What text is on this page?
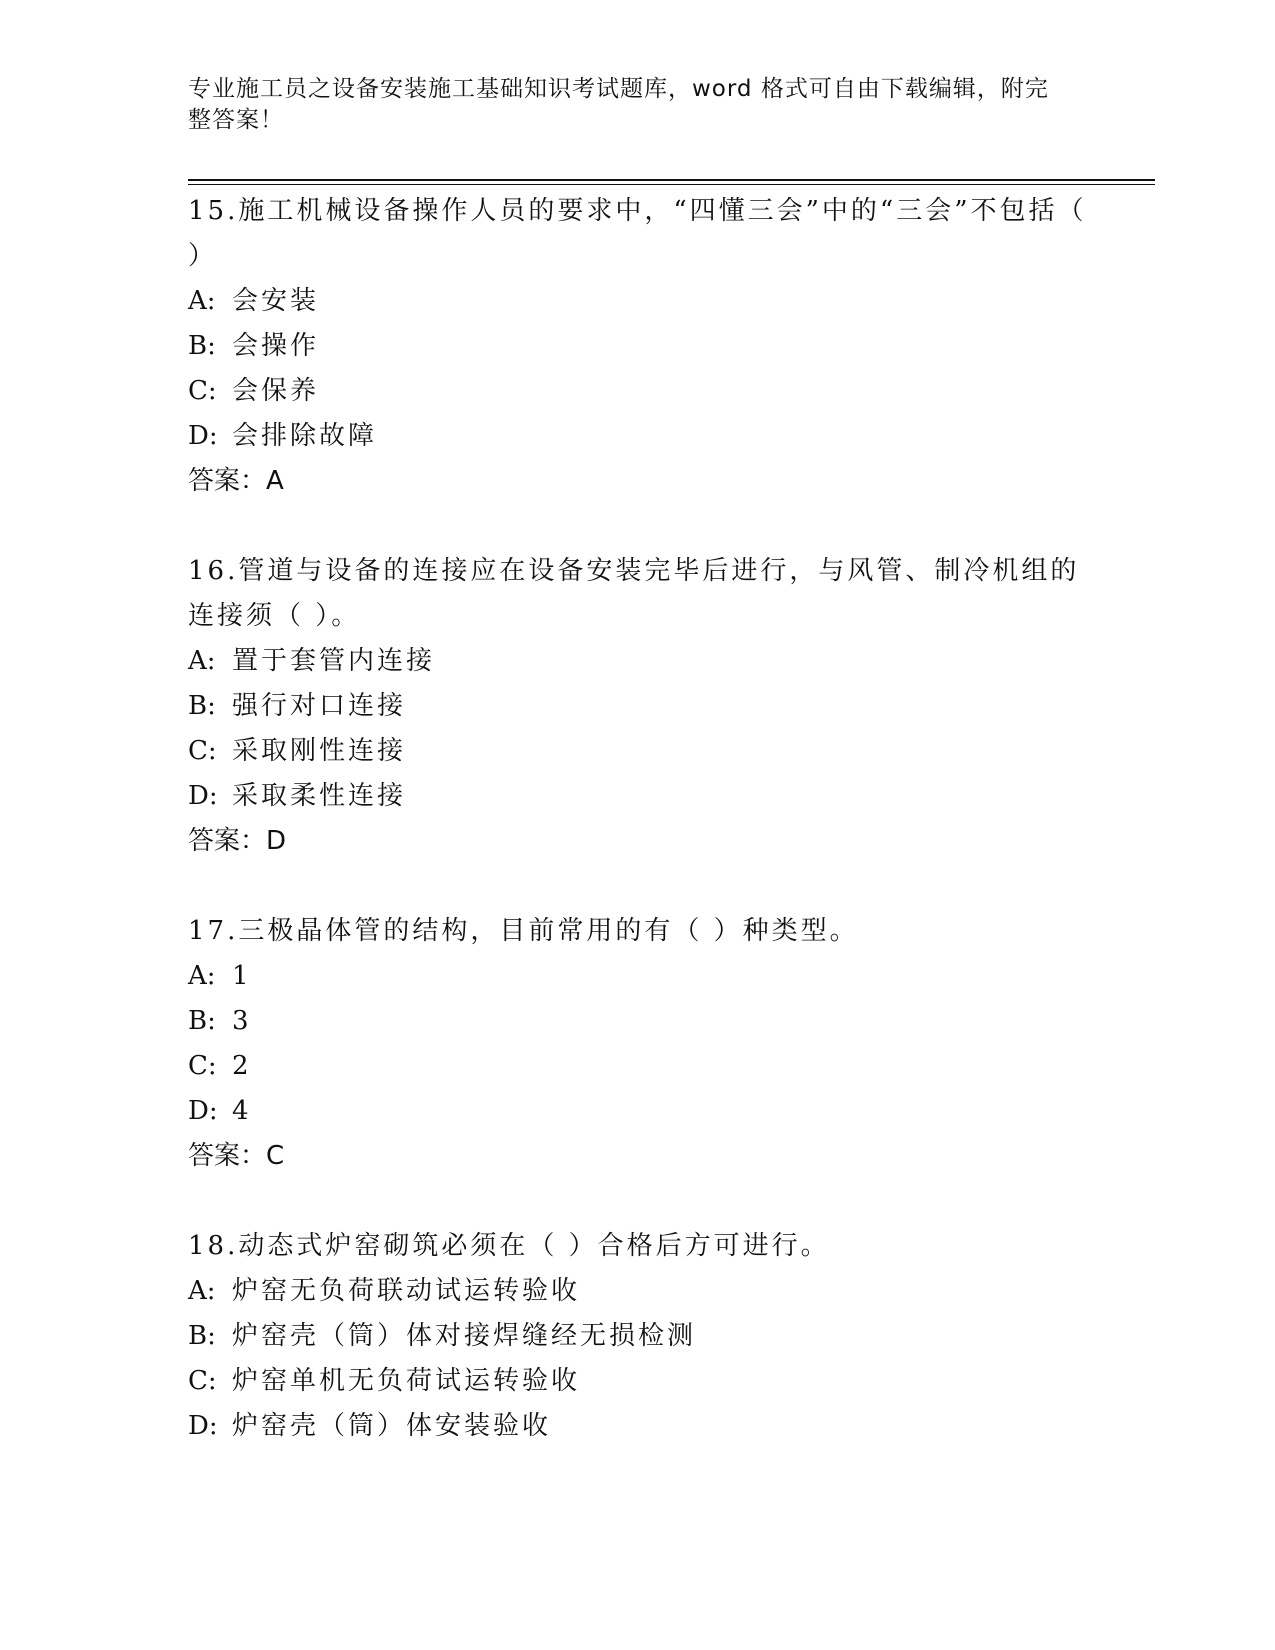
专业施工员之设备安装施工基础知识考试题库，word 格式可自由下载编辑，附完整答案！

15.施工机械设备操作人员的要求中，“四懂三会”中的“三会”不包括（ ）

A: 会安装

B: 会操作

C: 会保养

D: 会排除故障

答案：A

16.管道与设备的连接应在设备安装完毕后进行，与风管、制冷机组的连接须（ ）。

A: 置于套管内连接

B: 强行对口连接

C: 采取刚性连接

D: 采取柔性连接

答案：D

17.三极晶体管的结构，目前常用的有（ ）种类型。

A: 1

B: 3

C: 2

D: 4

答案：C

18.动态式炉窑砌筑必须在（ ）合格后方可进行。

A: 炉窑无负荷联动试运转验收

B: 炉窑壳（筒）体对接焊缝经无损检测

C: 炉窑单机无负荷试运转验收

D: 炉窑壳（筒）体安装验收
